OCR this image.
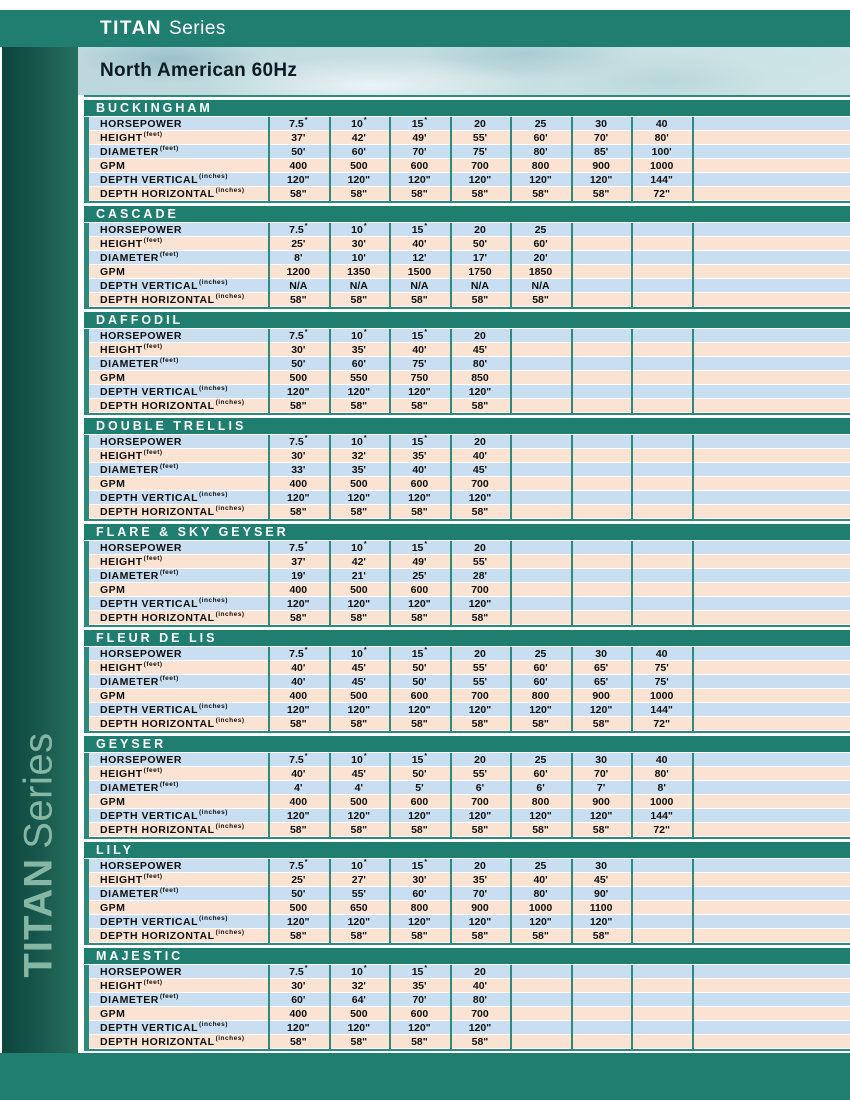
TITAN Series
TITANSeries
North American 60Hz
BUCKINGHAM
HORSEPOWER	7.5*	10*	15*	20	25	30	40
$HEIGHT^{(feet)}$	37'	42'	49'	55'	60'	70'	80'
$DIAMETER^{(feet)}$	50'	60'	70'	75'	80'	85'	100'
GPM	400	500	600	700	800	900	1000
DEPTH $VERTICAL^{(inches)}$	120"	120"	120"	120"	120"	120"	144"
DEPTH $HORIZONTAL^{(inches)}$	58"	58"	58"	58"	58"	58"	72"
CASCADE
HORSEPOWER	7.5*	10*	15*	20	25
$HEIGHT^{(feet)}$	25'	30'	40'	50'	60'
$DIAMETER^{(feet)}$	8'	10'	12'	17'	20'
GPM	1200	1350	1500	1750	1850
DEPTH $VERTICAL^{(inches)}$	N/A	N/A	N/A	N/A	N/A
DEPTH $HORIZONTAL^{(inches)}$	58"	58"	58"	58"	58"
DAFFODIL
HORSEPOWER	7.5*	10*	15*	20
$HEIGHT^{(feet)}$	30'	35'	40'	45'
$DIAMETER^{(feet)}$	50'	60'	75'	80'
GPM	500	550	750	850
DEPTH $VERTICAL^{(inches)}$	120"	120"	120"	120"
DEPTH $HORIZONTAL^{(inches)}$	58"	58"	58"	58"
DOUBLE TRELLIS
HORSEPOWER	7.5*	10*	15*	20
$HEIGHT^{(feet)}$	30'	32'	35'	40'
$DIAMETER^{(feet)}$	33'	35'	40'	45'
GPM	400	500	600	700
DEPTH $VERTICAL^{(inches)}$	120"	120"	120"	120"
DEPTH $HORIZONTAL^{(inches)}$	58"	58"	58"	58"
FLARE & SKY GEYSER
HORSEPOWER	7.5*	10*	15*	20
$HEIGHT^{(feet)}$	37'	42'	49'	55'
$DIAMETER^{(feet)}$	19'	21'	25'	28'
GPM	400	500	600	700
DEPTH $VERTICAL^{(inches)}$	120"	120"	120"	120"
DEPTH $HORIZONTAL^{(inches)}$	58"	58"	58"	58"
FLEUR DE LIS
HORSEPOWER	7.5*	10*	15*	20	25	30	40
$HEIGHT^{(feet)}$	40'	45'	50'	55'	60'	65'	75'
$DIAMETER^{(feet)}$	40'	45'	50'	55'	60'	65'	75'
GPM	400	500	600	700	800	900	1000
DEPTH $VERTICAL^{(inches)}$	120"	120"	120"	120"	120"	120"	144"
DEPTH $HORIZONTAL^{(inches)}$	58"	58"	58"	58"	58"	58"	72"
GEYSER
HORSEPOWER	7.5*	10*	15*	20	25	30	40
$HEIGHT^{(feet)}$	40'	45'	50'	55'	60'	70'	80'
$DIAMETER^{(feet)}$	4'	4'	5'	6'	6'	7'	8'
GPM	400	500	600	700	800	900	1000
DEPTH $VERTICAL^{(inches)}$	120"	120"	120"	120"	120"	120"	144"
DEPTH $HORIZONTAL^{(inches)}$	58"	58"	58"	58"	58"	58"	72"
LILY
HORSEPOWER	7.5*	10*	15*	20	25	30
$HEIGHT^{(feet)}$	25'	27'	30'	35'	40'	45'
$DIAMETER^{(feet)}$	50'	55'	60'	70'	80'	90'
GPM	500	650	800	900	1000	1100
DEPTH $VERTICAL^{(inches)}$	120"	120"	120"	120"	120"	120"
DEPTH $HORIZONTAL^{(inches)}$	58"	58"	58"	58"	58"	58"
MAJESTIC
HORSEPOWER	7.5*	10*	15*	20
$HEIGHT^{(feet)}$	30'	32'	35'	40'
$DIAMETER^{(feet)}$	60'	64'	70'	80'
GPM	400	500	600	700
DEPTH $VERTICAL^{(inches)}$	120"	120"	120"	120"
DEPTH $HORIZONTAL^{(inches)}$	58"	58"	58"	58"
